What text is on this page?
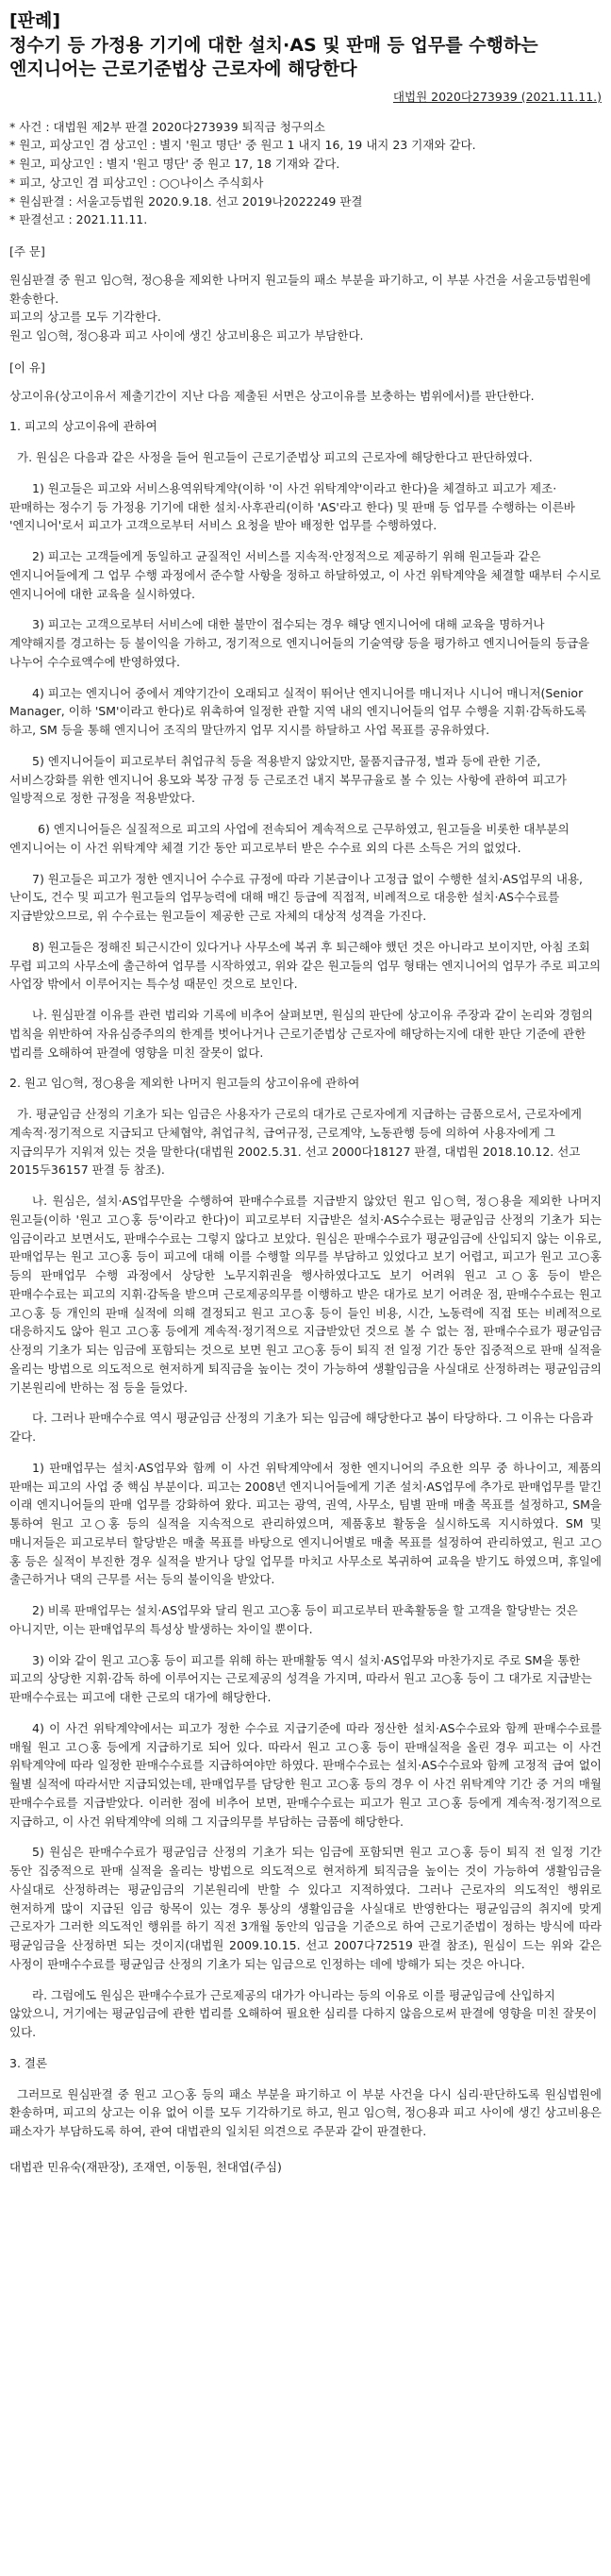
[판례]
정수기 등 가정용 기기에 대한 설치·AS 및 판매 등 업무를 수행하는 엔지니어는 근로기준법상 근로자에 해당한다
대법원 2020다273939 (2021.11.11.)

* 사건 : 대법원 제2부 판결 2020다273939 퇴직금 청구의소

* 원고, 피상고인 겸 상고인 : 별지 '원고 명단' 중 원고 1 내지 16, 19 내지 23 기재와 같다.

* 원고, 피상고인 : 별지 '원고 명단' 중 원고 17, 18 기재와 같다.

* 피고, 상고인 겸 피상고인 : ○○나이스 주식회사

* 원심판결 : 서울고등법원 2020.9.18. 선고 2019나2022249 판결

* 판결선고 : 2021.11.11.

[주 문]
원심판결 중 원고 임○혁, 정○용을 제외한 나머지 원고들의 패소 부분을 파기하고, 이 부분 사건을 서울고등법원에 환송한다.
피고의 상고를 모두 기각한다.
원고 임○혁, 정○용과 피고 사이에 생긴 상고비용은 피고가 부담한다.
[이 유]
상고이유(상고이유서 제출기간이 지난 다음 제출된 서면은 상고이유를 보충하는 범위에서)를 판단한다.
1. 피고의 상고이유에 관하여
가. 원심은 다음과 같은 사정을 들어 원고들이 근로기준법상 피고의 근로자에 해당한다고 판단하였다.
1) 원고들은 피고와 서비스용역위탁계약(이하 '이 사건 위탁계약'이라고 한다)을 체결하고 피고가 제조·판매하는 정수기 등 가정용 기기에 대한 설치·사후관리(이하 'AS'라고 한다) 및 판매 등 업무를 수행하는 이른바 '엔지니어'로서 피고가 고객으로부터 서비스 요청을 받아 배정한 업무를 수행하였다.
2) 피고는 고객들에게 동일하고 균질적인 서비스를 지속적·안정적으로 제공하기 위해 원고들과 같은 엔지니어들에게 그 업무 수행 과정에서 준수할 사항을 정하고 하달하였고, 이 사건 위탁계약을 체결할 때부터 수시로 엔지니어에 대한 교육을 실시하였다.
3) 피고는 고객으로부터 서비스에 대한 불만이 접수되는 경우 해당 엔지니어에 대해 교육을 명하거나 계약해지를 경고하는 등 불이익을 가하고, 정기적으로 엔지니어들의 기술역량 등을 평가하고 엔지니어들의 등급을 나누어 수수료액수에 반영하였다.
4) 피고는 엔지니어 중에서 계약기간이 오래되고 실적이 뛰어난 엔지니어를 매니저나 시니어 매니저(Senior Manager, 이하 'SM'이라고 한다)로 위촉하여 일정한 관할 지역 내의 엔지니어들의 업무 수행을 지휘·감독하도록 하고, SM 등을 통해 엔지니어 조직의 말단까지 업무 지시를 하달하고 사업 목표를 공유하였다.
5) 엔지니어들이 피고로부터 취업규칙 등을 적용받지 않았지만, 물품지급규정, 벌과 등에 관한 기준, 서비스강화를 위한 엔지니어 용모와 복장 규정 등 근로조건 내지 복무규율로 볼 수 있는 사항에 관하여 피고가 일방적으로 정한 규정을 적용받았다.
6) 엔지니어들은 실질적으로 피고의 사업에 전속되어 계속적으로 근무하였고, 원고들을 비롯한 대부분의 엔지니어는 이 사건 위탁계약 체결 기간 동안 피고로부터 받은 수수료 외의 다른 소득은 거의 없었다.
7) 원고들은 피고가 정한 엔지니어 수수료 규정에 따라 기본급이나 고정급 없이 수행한 설치·AS업무의 내용, 난이도, 건수 및 피고가 원고들의 업무능력에 대해 매긴 등급에 직접적, 비례적으로 대응한 설치·AS수수료를 지급받았으므로, 위 수수료는 원고들이 제공한 근로 자체의 대상적 성격을 가진다.
8) 원고들은 정해진 퇴근시간이 있다거나 사무소에 복귀 후 퇴근해야 했던 것은 아니라고 보이지만, 아침 조회 무렵 피고의 사무소에 출근하여 업무를 시작하였고, 위와 같은 원고들의 업무 형태는 엔지니어의 업무가 주로 피고의 사업장 밖에서 이루어지는 특수성 때문인 것으로 보인다.
나. 원심판결 이유를 관련 법리와 기록에 비추어 살펴보면, 원심의 판단에 상고이유 주장과 같이 논리와 경험의 법칙을 위반하여 자유심증주의의 한계를 벗어나거나 근로기준법상 근로자에 해당하는지에 대한 판단 기준에 관한 법리를 오해하여 판결에 영향을 미친 잘못이 없다.
2. 원고 임○혁, 정○용을 제외한 나머지 원고들의 상고이유에 관하여
가. 평균임금 산정의 기초가 되는 임금은 사용자가 근로의 대가로 근로자에게 지급하는 금품으로서, 근로자에게 계속적·정기적으로 지급되고 단체협약, 취업규칙, 급여규정, 근로계약, 노동관행 등에 의하여 사용자에게 그 지급의무가 지워져 있는 것을 말한다(대법원 2002.5.31. 선고 2000다18127 판결, 대법원 2018.10.12. 선고 2015두36157 판결 등 참조).
나. 원심은, 설치·AS업무만을 수행하여 판매수수료를 지급받지 않았던 원고 임○혁, 정○용을 제외한 나머지 원고들(이하 '원고 고○홍 등'이라고 한다)이 피고로부터 지급받은 설치·AS수수료는 평균임금 산정의 기초가 되는 임금이라고 보면서도, 판매수수료는 그렇지 않다고 보았다. 원심은 판매수수료가 평균임금에 산입되지 않는 이유로, 판매업무는 원고 고○홍 등이 피고에 대해 이를 수행할 의무를 부담하고 있었다고 보기 어렵고, 피고가 원고 고○홍 등의 판매업무 수행 과정에서 상당한 노무지휘권을 행사하였다고도 보기 어려워 원고 고○홍 등이 받은 판매수수료는 피고의 지휘·감독을 받으며 근로제공의무를 이행하고 받은 대가로 보기 어려운 점, 판매수수료는 원고 고○홍 등 개인의 판매 실적에 의해 결정되고 원고 고○홍 등이 들인 비용, 시간, 노동력에 직접 또는 비례적으로 대응하지도 않아 원고 고○홍 등에게 계속적·정기적으로 지급받았던 것으로 볼 수 없는 점, 판매수수료가 평균임금 산정의 기초가 되는 임금에 포함되는 것으로 보면 원고 고○홍 등이 퇴직 전 일정 기간 동안 집중적으로 판매 실적을 올리는 방법으로 의도적으로 현저하게 퇴직금을 높이는 것이 가능하여 생활임금을 사실대로 산정하려는 평균임금의 기본원리에 반하는 점 등을 들었다.
다. 그러나 판매수수료 역시 평균임금 산정의 기초가 되는 임금에 해당한다고 봄이 타당하다. 그 이유는 다음과 같다.
1) 판매업무는 설치·AS업무와 함께 이 사건 위탁계약에서 정한 엔지니어의 주요한 의무 중 하나이고, 제품의 판매는 피고의 사업 중 핵심 부분이다. 피고는 2008년 엔지니어들에게 기존 설치·AS업무에 추가로 판매업무를 맡긴 이래 엔지니어들의 판매 업무를 강화하여 왔다. 피고는 광역, 권역, 사무소, 팀별 판매 매출 목표를 설정하고, SM을 통하여 원고 고○홍 등의 실적을 지속적으로 관리하였으며, 제품홍보 활동을 실시하도록 지시하였다. SM 및 매니저들은 피고로부터 할당받은 매출 목표를 바탕으로 엔지니어별로 매출 목표를 설정하여 관리하였고, 원고 고○홍 등은 실적이 부진한 경우 실적을 받거나 당일 업무를 마치고 사무소로 복귀하여 교육을 받기도 하였으며, 휴일에 출근하거나 댁의 근무를 서는 등의 불이익을 받았다.
2) 비록 판매업무는 설치·AS업무와 달리 원고 고○홍 등이 피고로부터 판촉활동을 할 고객을 할당받는 것은 아니지만, 이는 판매업무의 특성상 발생하는 차이일 뿐이다.
3) 이와 같이 원고 고○홍 등이 피고를 위해 하는 판매활동 역시 설치·AS업무와 마찬가지로 주로 SM을 통한 피고의 상당한 지휘·감독 하에 이루어지는 근로제공의 성격을 가지며, 따라서 원고 고○홍 등이 그 대가로 지급받는 판매수수료는 피고에 대한 근로의 대가에 해당한다.
4) 이 사건 위탁계약에서는 피고가 정한 수수료 지급기준에 따라 정산한 설치·AS수수료와 함께 판매수수료를 매월 원고 고○홍 등에게 지급하기로 되어 있다. 따라서 원고 고○홍 등이 판매실적을 올린 경우 피고는 이 사건 위탁계약에 따라 일정한 판매수수료를 지급하여야만 하였다. 판매수수료는 설치·AS수수료와 함께 고정적 급여 없이 월별 실적에 따라서만 지급되었는데, 판매업무를 담당한 원고 고○홍 등의 경우 이 사건 위탁계약 기간 중 거의 매월 판매수수료를 지급받았다. 이러한 점에 비추어 보면, 판매수수료는 피고가 원고 고○홍 등에게 계속적·정기적으로 지급하고, 이 사건 위탁계약에 의해 그 지급의무를 부담하는 금품에 해당한다.
5) 원심은 판매수수료가 평균임금 산정의 기초가 되는 임금에 포함되면 원고 고○홍 등이 퇴직 전 일정 기간 동안 집중적으로 판매 실적을 올리는 방법으로 의도적으로 현저하게 퇴직금을 높이는 것이 가능하여 생활임금을 사실대로 산정하려는 평균임금의 기본원리에 반할 수 있다고 지적하였다. 그러나 근로자의 의도적인 행위로 현저하게 많이 지급된 임금 항목이 있는 경우 통상의 생활임금을 사실대로 반영한다는 평균임금의 취지에 맞게 근로자가 그러한 의도적인 행위를 하기 직전 3개월 동안의 임금을 기준으로 하여 근로기준법이 정하는 방식에 따라 평균임금을 산정하면 되는 것이지(대법원 2009.10.15. 선고 2007다72519 판결 참조), 원심이 드는 위와 같은 사정이 판매수수료를 평균임금 산정의 기초가 되는 임금으로 인정하는 데에 방해가 되는 것은 아니다.
라. 그럼에도 원심은 판매수수료가 근로제공의 대가가 아니라는 등의 이유로 이를 평균임금에 산입하지 않았으니, 거기에는 평균임금에 관한 법리를 오해하여 필요한 심리를 다하지 않음으로써 판결에 영향을 미친 잘못이 있다.
3. 결론
그러므로 원심판결 중 원고 고○홍 등의 패소 부분을 파기하고 이 부분 사건을 다시 심리·판단하도록 원심법원에 환송하며, 피고의 상고는 이유 없어 이를 모두 기각하기로 하고, 원고 임○혁, 정○용과 피고 사이에 생긴 상고비용은 패소자가 부담하도록 하여, 관여 대법관의 일치된 의견으로 주문과 같이 판결한다.
대법관 민유숙(재판장), 조재연, 이동원, 천대엽(주심)
